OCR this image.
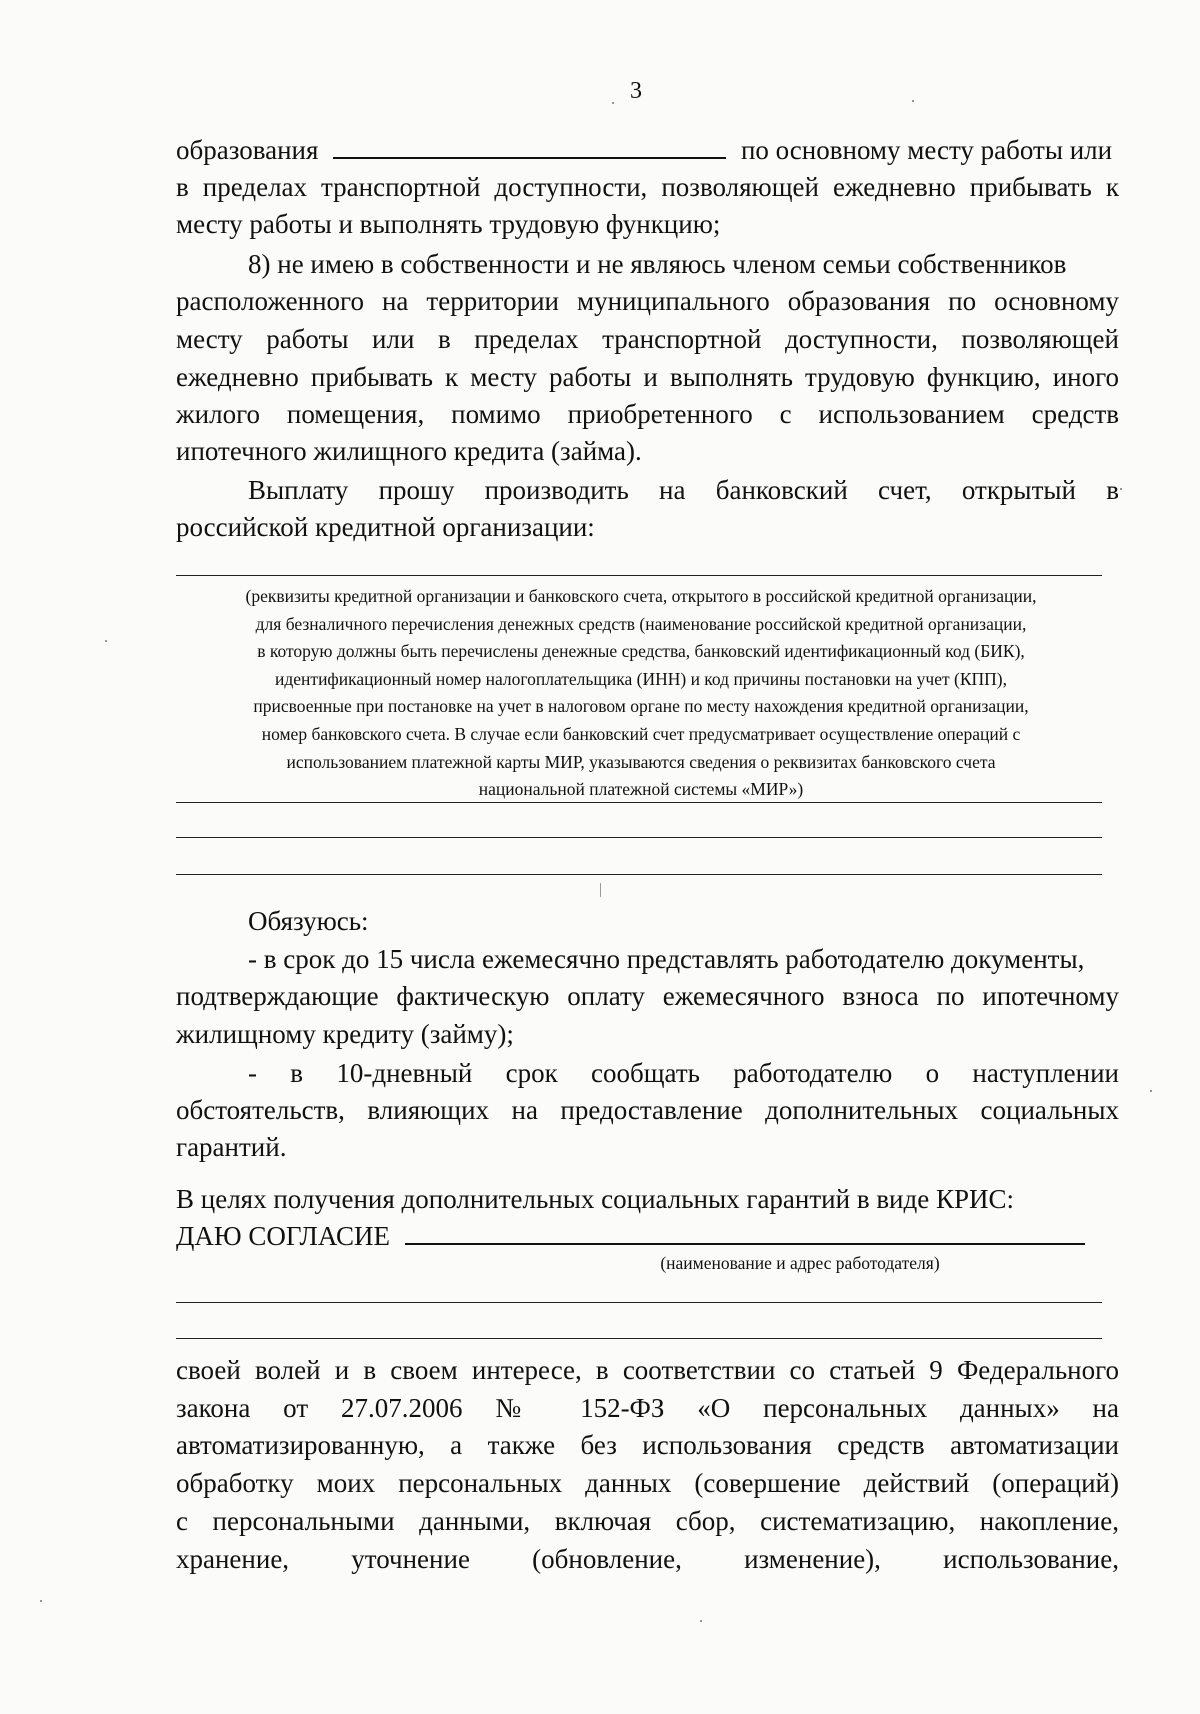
3
образования	по основному месту работы или
в пределах транспортной доступности, позволяющей ежедневно прибывать к
месту работы и выполнять трудовую функцию;
8) не имею в собственности и не являюсь членом семьи собственников
расположенного на территории муниципального образования по основному
месту работы или в пределах транспортной доступности, позволяющей
ежедневно прибывать к месту работы и выполнять трудовую функцию, иного
жилого помещения, помимо приобретенного с использованием средств
ипотечного жилищного кредита (займа).
Выплату прошу производить на банковский счет, открытый в
российской кредитной организации:
(реквизиты кредитной организации и банковского счета, открытого в российской кредитной организации,
для безналичного перечисления денежных средств (наименование российской кредитной организации,
в которую должны быть перечислены денежные средства, банковский идентификационный код (БИК),
идентификационный номер налогоплательщика (ИНН) и код причины постановки на учет (КПП),
присвоенные при постановке на учет в налоговом органе по месту нахождения кредитной организации,
номер банковского счета. В случае если банковский счет предусматривает осуществление операций с
использованием платежной карты МИР, указываются сведения о реквизитах банковского счета
национальной платежной системы «МИР»)
Обязуюсь:
- в срок до 15 числа ежемесячно представлять работодателю документы,
подтверждающие фактическую оплату ежемесячного взноса по ипотечному
жилищному кредиту (займу);
- в 10-дневный срок сообщать работодателю о наступлении
обстоятельств, влияющих на предоставление дополнительных социальных
гарантий.
В целях получения дополнительных социальных гарантий в виде КРИС:
ДАЮ СОГЛАСИЕ
(наименование и адрес работодателя)
своей волей и в своем интересе, в соответствии со статьей 9 Федерального
закона от 27.07.2006 № 152-ФЗ «О персональных данных» на
автоматизированную, а также без использования средств автоматизации
обработку моих персональных данных (совершение действий (операций)
с персональными данными, включая сбор, систематизацию, накопление,
хранение, уточнение (обновление, изменение), использование,
